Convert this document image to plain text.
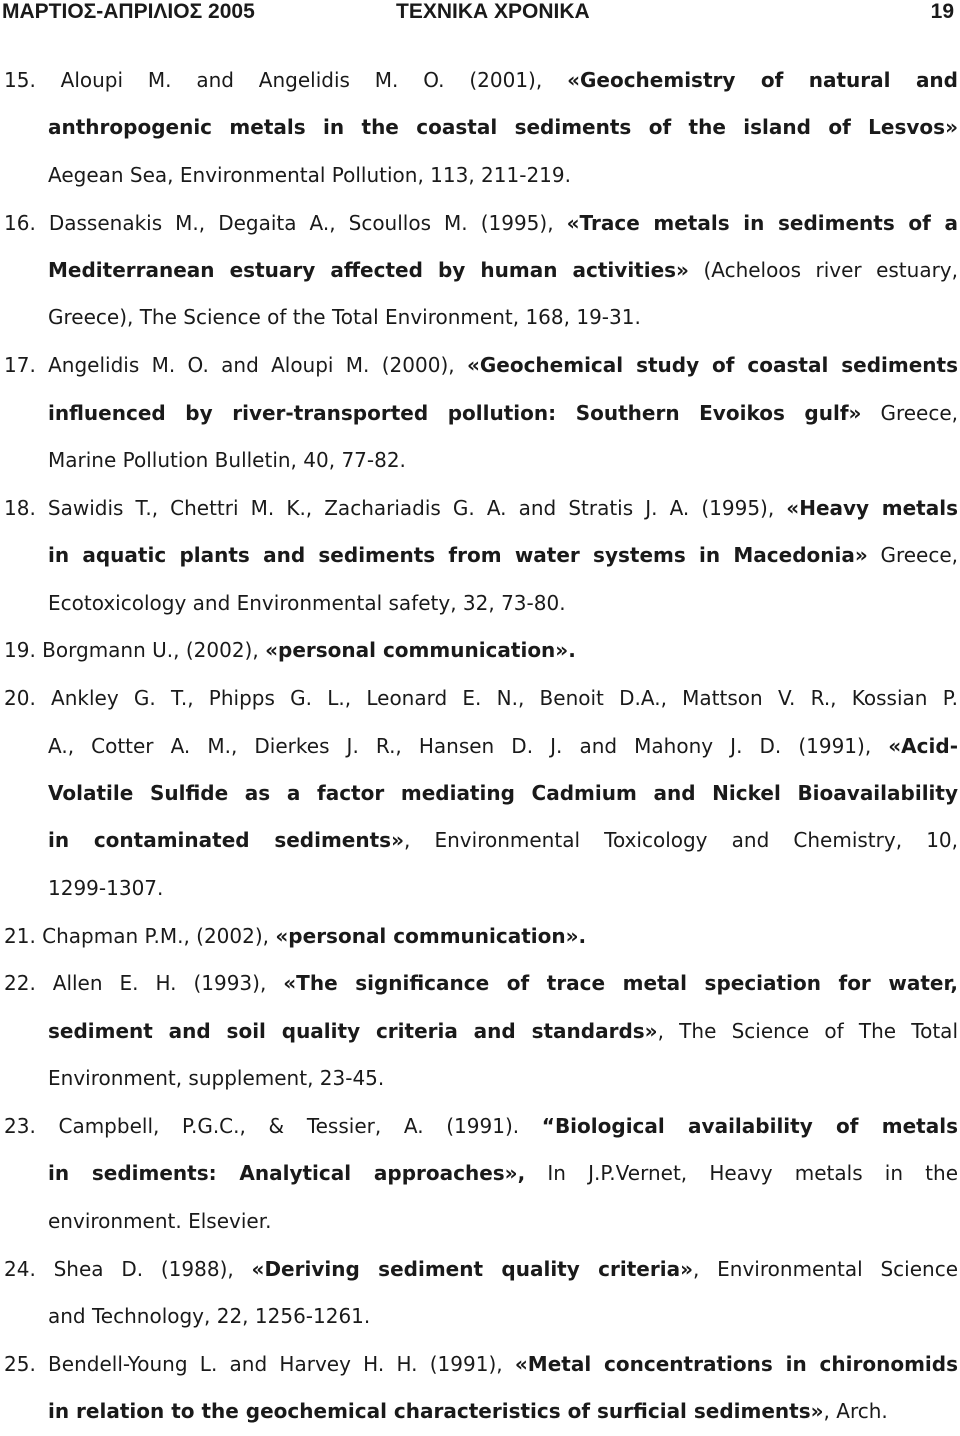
ΜΑΡΤΙΟΣ-ΑΠΡΙΛΙΟΣ 2005	ΤΕΧΝΙΚΑ ΧΡΟΝΙΚΑ	19
15. Aloupi M. and Angelidis M. O. (2001), «Geochemistry of natural and
anthropogenic metals in the coastal sediments of the island of Lesvos»
Aegean Sea, Environmental Pollution, 113, 211-219.
16. Dassenakis M., Degaita A., Scoullos M. (1995), «Trace metals in sediments of a
Mediterranean estuary affected by human activities» (Acheloos river estuary,
Greece), The Science of the Total Environment, 168, 19-31.
17. Angelidis M. O. and Aloupi M. (2000), «Geochemical study of coastal sediments
influenced by river-transported pollution: Southern Evoikos gulf» Greece,
Marine Pollution Bulletin, 40, 77-82.
18. Sawidis T., Chettri M. K., Zachariadis G. A. and Stratis J. A. (1995), «Heavy metals
in aquatic plants and sediments from water systems in Macedonia» Greece,
Ecotoxicology and Environmental safety, 32, 73-80.
19. Borgmann U., (2002), «personal communication».
20. Ankley G. T., Phipps G. L., Leonard E. N., Benoit D.A., Mattson V. R., Kossian P.
A., Cotter A. M., Dierkes J. R., Hansen D. J. and Mahony J. D. (1991), «Acid-
Volatile Sulfide as a factor mediating Cadmium and Nickel Bioavailability
in contaminated sediments», Environmental Toxicology and Chemistry, 10,
1299-1307.
21. Chapman P.M., (2002), «personal communication».
22. Allen E. H. (1993), «The significance of trace metal speciation for water,
sediment and soil quality criteria and standards», The Science of The Total
Environment, supplement, 23-45.
23. Campbell, P.G.C., & Tessier, A. (1991). “Biological availability of metals
in sediments: Analytical approaches», In J.P.Vernet, Heavy metals in the
environment. Elsevier.
24. Shea D. (1988), «Deriving sediment quality criteria», Environmental Science
and Technology, 22, 1256-1261.
25. Bendell-Young L. and Harvey H. H. (1991), «Metal concentrations in chironomids
in relation to the geochemical characteristics of surficial sediments», Arch.
